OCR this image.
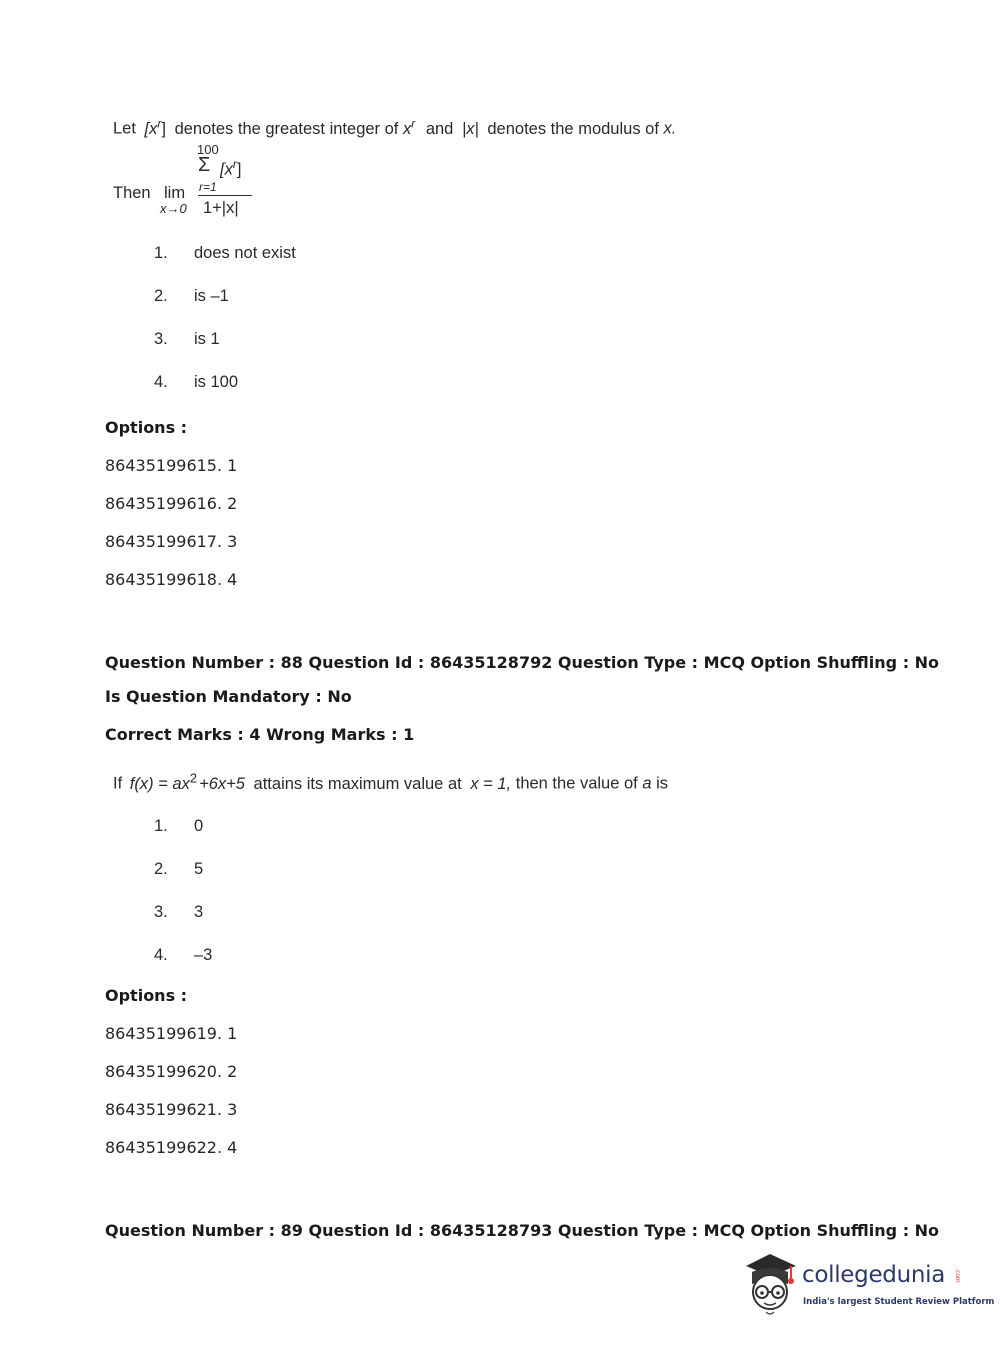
Let $[x^r]$ denotes the greatest integer of $x^r$ and |x| denotes the modulus of x.
100
Σ $[x^r]$
Then lim r=1
x→0 1+|x|
1. does not exist
2. is –1
3. is 1
4. is 100
Options :
86435199615. 1
86435199616. 2
86435199617. 3
86435199618. 4
Question Number : 88 Question Id : 86435128792 Question Type : MCQ Option Shuffling : No
Is Question Mandatory : No
Correct Marks : 4 Wrong Marks : 1
If $f(x) = ax^2 +6x+5$ attains its maximum value at x = 1, then the value of a is
1. 0
2. 5
3. 3
4. –3
Options :
86435199619. 1
86435199620. 2
86435199621. 3
86435199622. 4
Question Number : 89 Question Id : 86435128793 Question Type : MCQ Option Shuffling : No
collegedunia .com
India's largest Student Review Platform
